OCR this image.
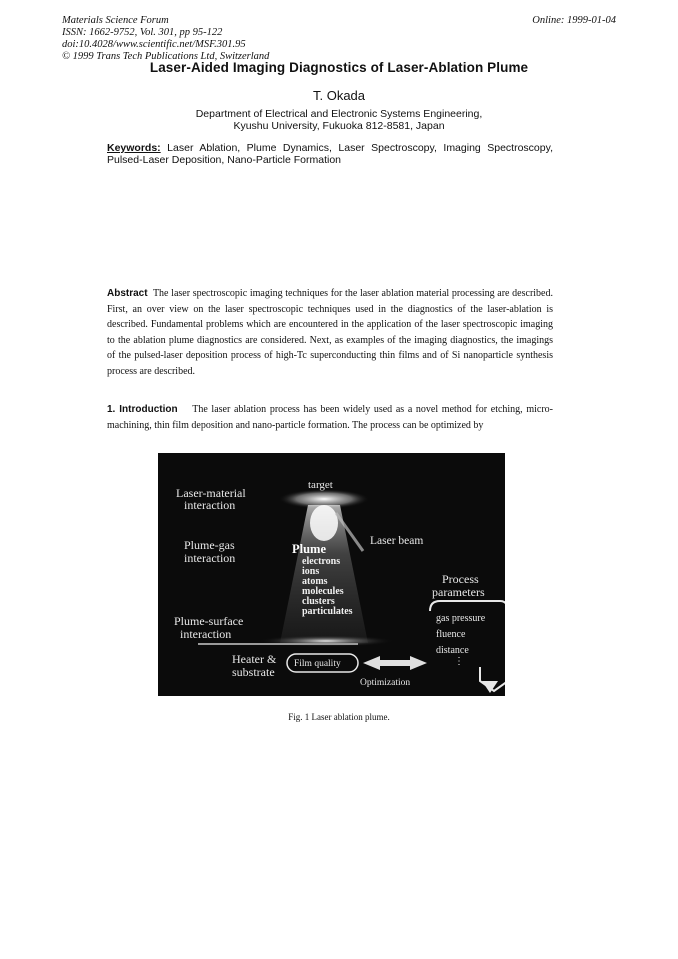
Materials Science Forum
ISSN: 1662-9752, Vol. 301, pp 95-122
doi:10.4028/www.scientific.net/MSF.301.95
© 1999 Trans Tech Publications Ltd, Switzerland
Online: 1999-01-04
Laser-Aided Imaging Diagnostics of Laser-Ablation Plume
T. Okada
Department of Electrical and Electronic Systems Engineering,
Kyushu University, Fukuoka 812-8581, Japan
Keywords: Laser Ablation, Plume Dynamics, Laser Spectroscopy, Imaging Spectroscopy, Pulsed-Laser Deposition, Nano-Particle Formation
Abstract The laser spectroscopic imaging techniques for the laser ablation material processing are described. First, an over view on the laser spectroscopic techniques used in the diagnostics of the laser-ablation is described. Fundamental problems which are encountered in the application of the laser spectroscopic imaging to the ablation plume diagnostics are considered. Next, as examples of the imaging diagnostics, the imagings of the pulsed-laser deposition process of high-Tc superconducting thin films and of Si nanoparticle synthesis process are described.
1. Introduction The laser ablation process has been widely used as a novel method for etching, micro-machining, thin film deposition and nano-particle formation. The process can be optimized by
target
Laser-material
interaction
Laser beam
Plume-gas
interaction
Plume
electrons
ions
atoms
molecules
clusters
particulates
Process
parameters
Plume-surface
interaction
gas pressure
fluence
distance
⋮
Heater &
substrate
Film quality
Optimization
Fig. 1 Laser ablation plume.
